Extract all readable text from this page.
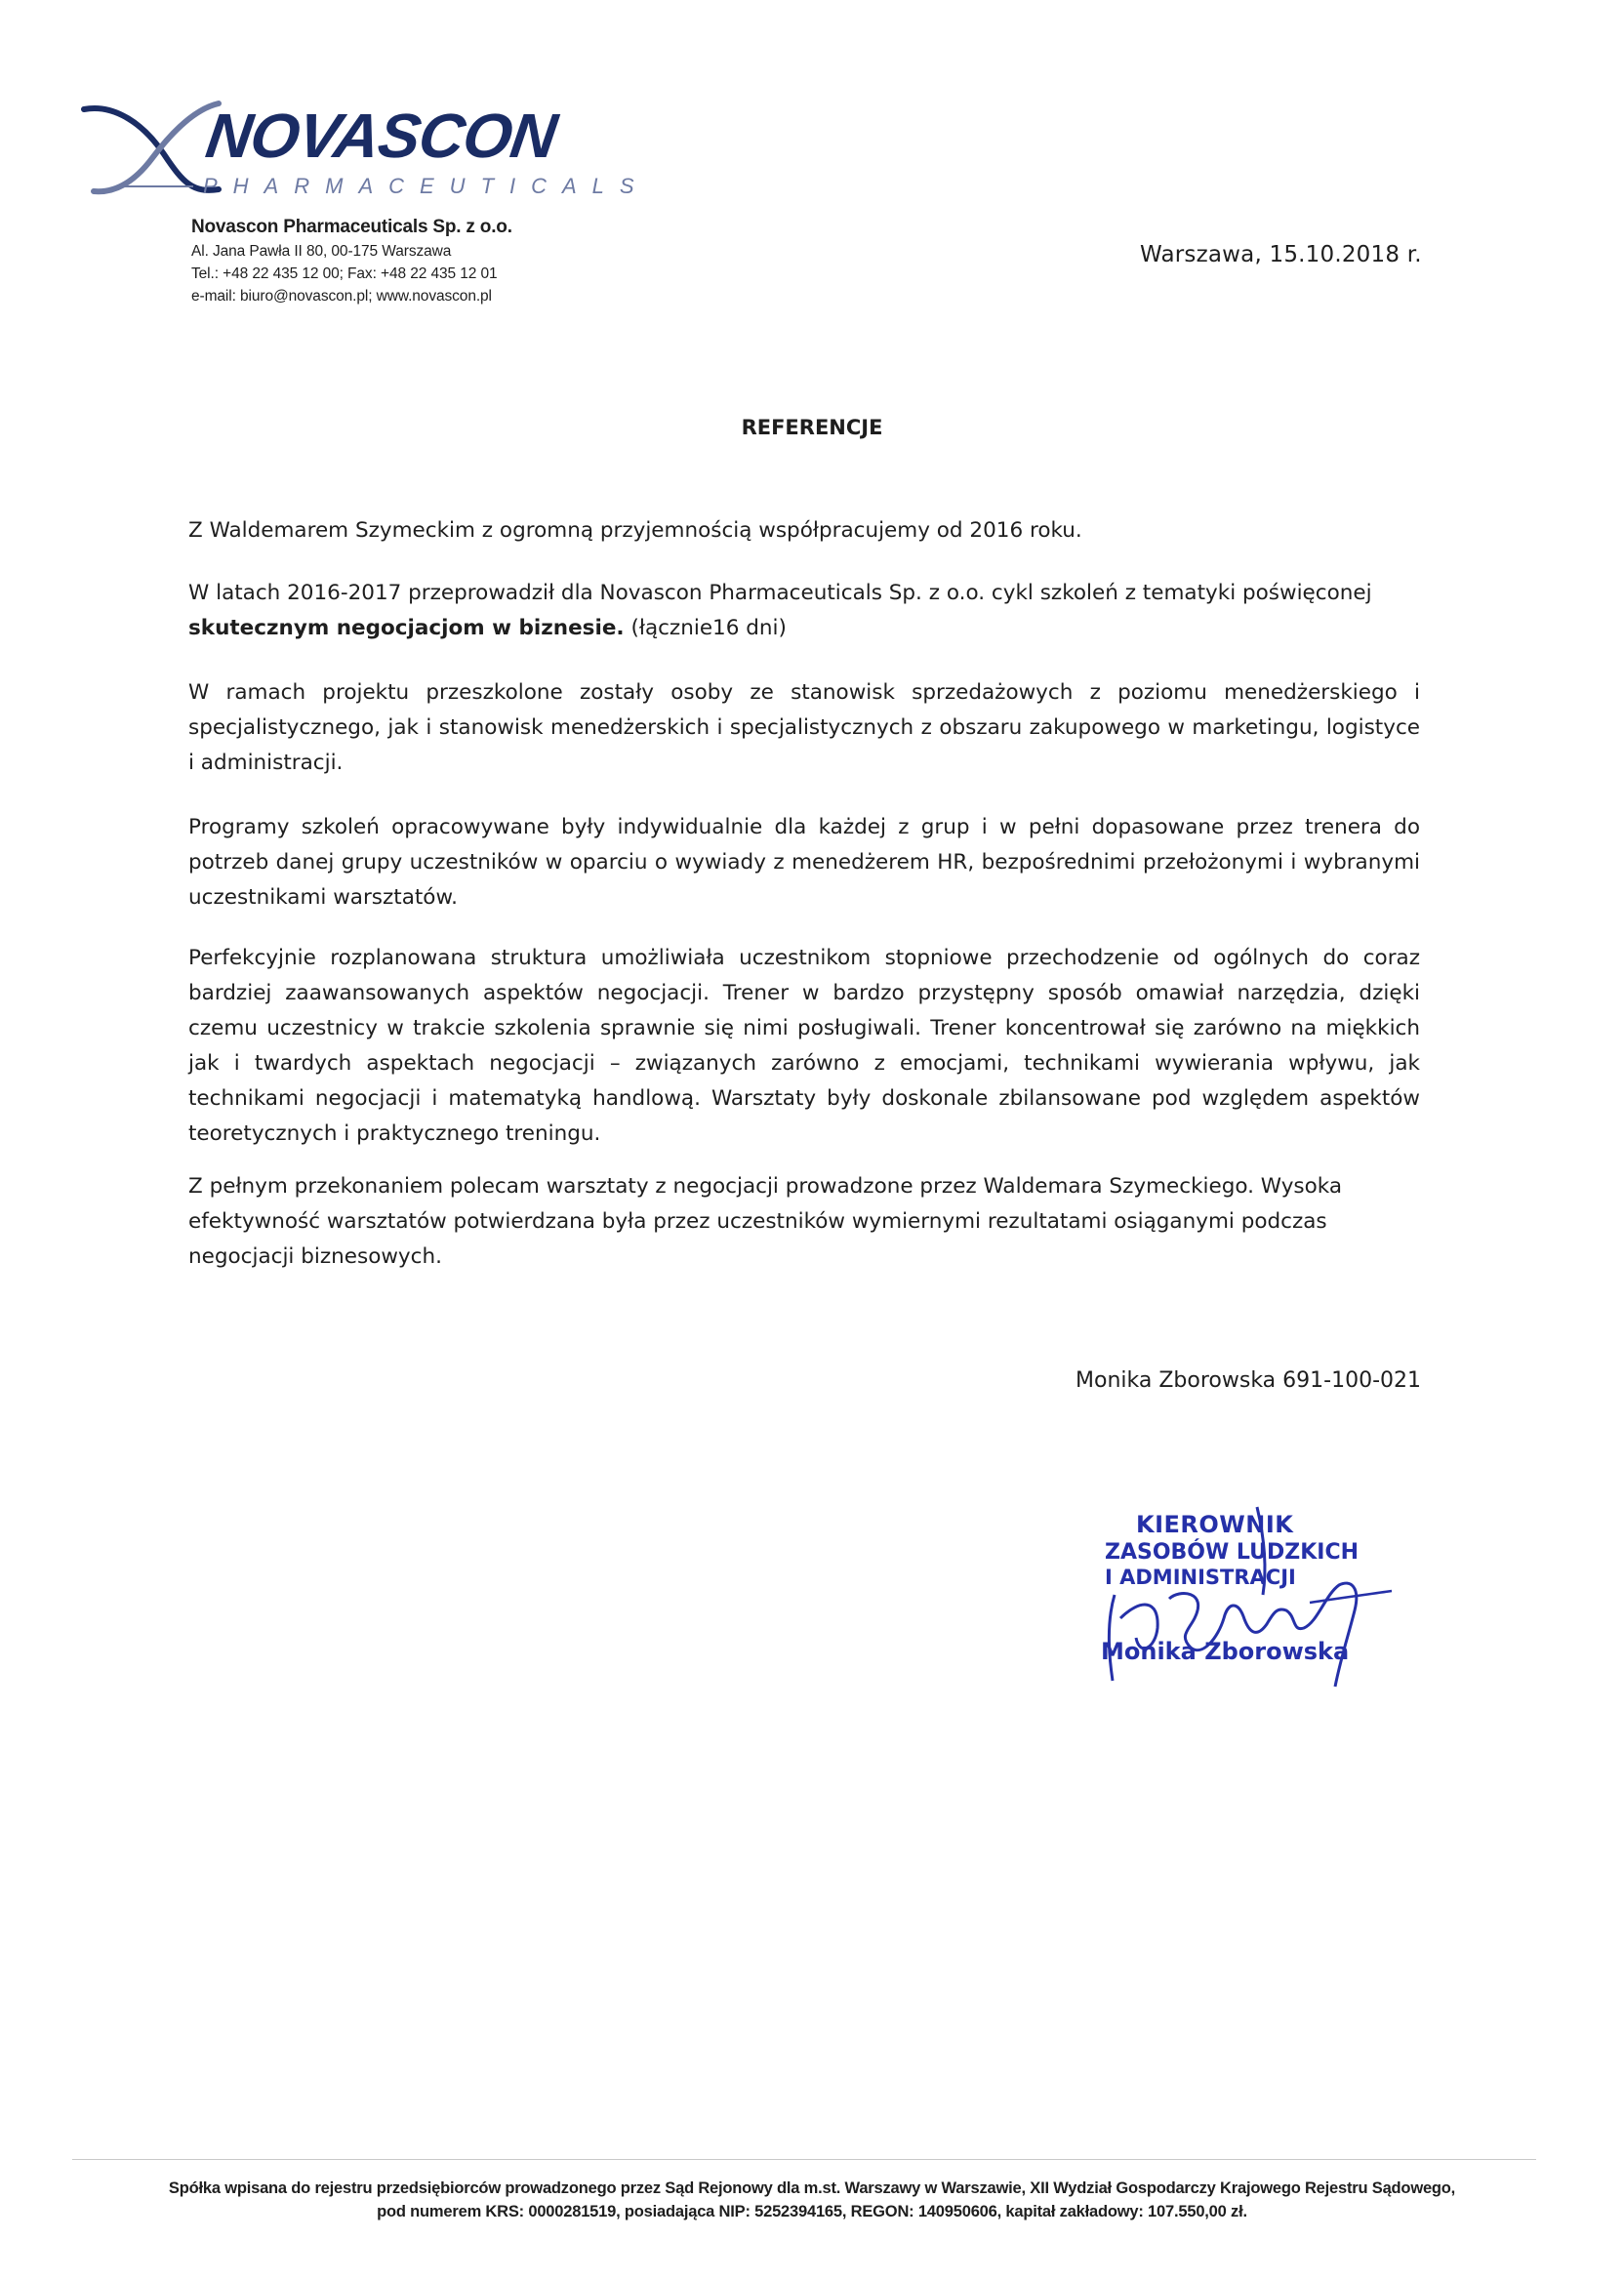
NOVASCON
PHARMACEUTICALS
Novascon Pharmaceuticals Sp. z o.o.
Al. Jana Pawła II 80, 00-175 Warszawa
Tel.: +48 22 435 12 00; Fax: +48 22 435 12 01
e-mail: biuro@novascon.pl; www.novascon.pl
Warszawa, 15.10.2018 r.
REFERENCJE

Z Waldemarem Szymeckim z ogromną przyjemnością współpracujemy od 2016 roku.

W latach 2016-2017 przeprowadził dla Novascon Pharmaceuticals Sp. z o.o. cykl szkoleń z tematyki poświęconej
skutecznym negocjacjom w biznesie. (łącznie16 dni)

W ramach projektu przeszkolone zostały osoby ze stanowisk sprzedażowych z poziomu menedżerskiego i specjalistycznego, jak i stanowisk menedżerskich i specjalistycznych z obszaru zakupowego w marketingu, logistyce i administracji.

Programy szkoleń opracowywane były indywidualnie dla każdej z grup i w pełni dopasowane przez trenera do potrzeb danej grupy uczestników w oparciu o wywiady z menedżerem HR, bezpośrednimi przełożonymi i wybranymi uczestnikami warsztatów.

Perfekcyjnie rozplanowana struktura umożliwiała uczestnikom stopniowe przechodzenie od ogólnych do coraz bardziej zaawansowanych aspektów negocjacji. Trener w bardzo przystępny sposób omawiał narzędzia, dzięki czemu uczestnicy w trakcie szkolenia sprawnie się nimi posługiwali. Trener koncentrował się zarówno na miękkich jak i twardych aspektach negocjacji – związanych zarówno z emocjami, technikami wywierania wpływu, jak technikami negocjacji i matematyką handlową. Warsztaty były doskonale zbilansowane pod względem aspektów teoretycznych i praktycznego treningu.

Z pełnym przekonaniem polecam warsztaty z negocjacji prowadzone przez Waldemara Szymeckiego. Wysoka efektywność warsztatów potwierdzana była przez uczestników wymiernymi rezultatami osiąganymi podczas negocjacji biznesowych.

Monika Zborowska 691-100-021
KIEROWNIK
ZASOBÓW LUDZKICH
I ADMINISTRACJI
Monika Zborowska
Spółka wpisana do rejestru przedsiębiorców prowadzonego przez Sąd Rejonowy dla m.st. Warszawy w Warszawie, XII Wydział Gospodarczy Krajowego Rejestru Sądowego,
pod numerem KRS: 0000281519, posiadająca NIP: 5252394165, REGON: 140950606, kapitał zakładowy: 107.550,00 zł.
